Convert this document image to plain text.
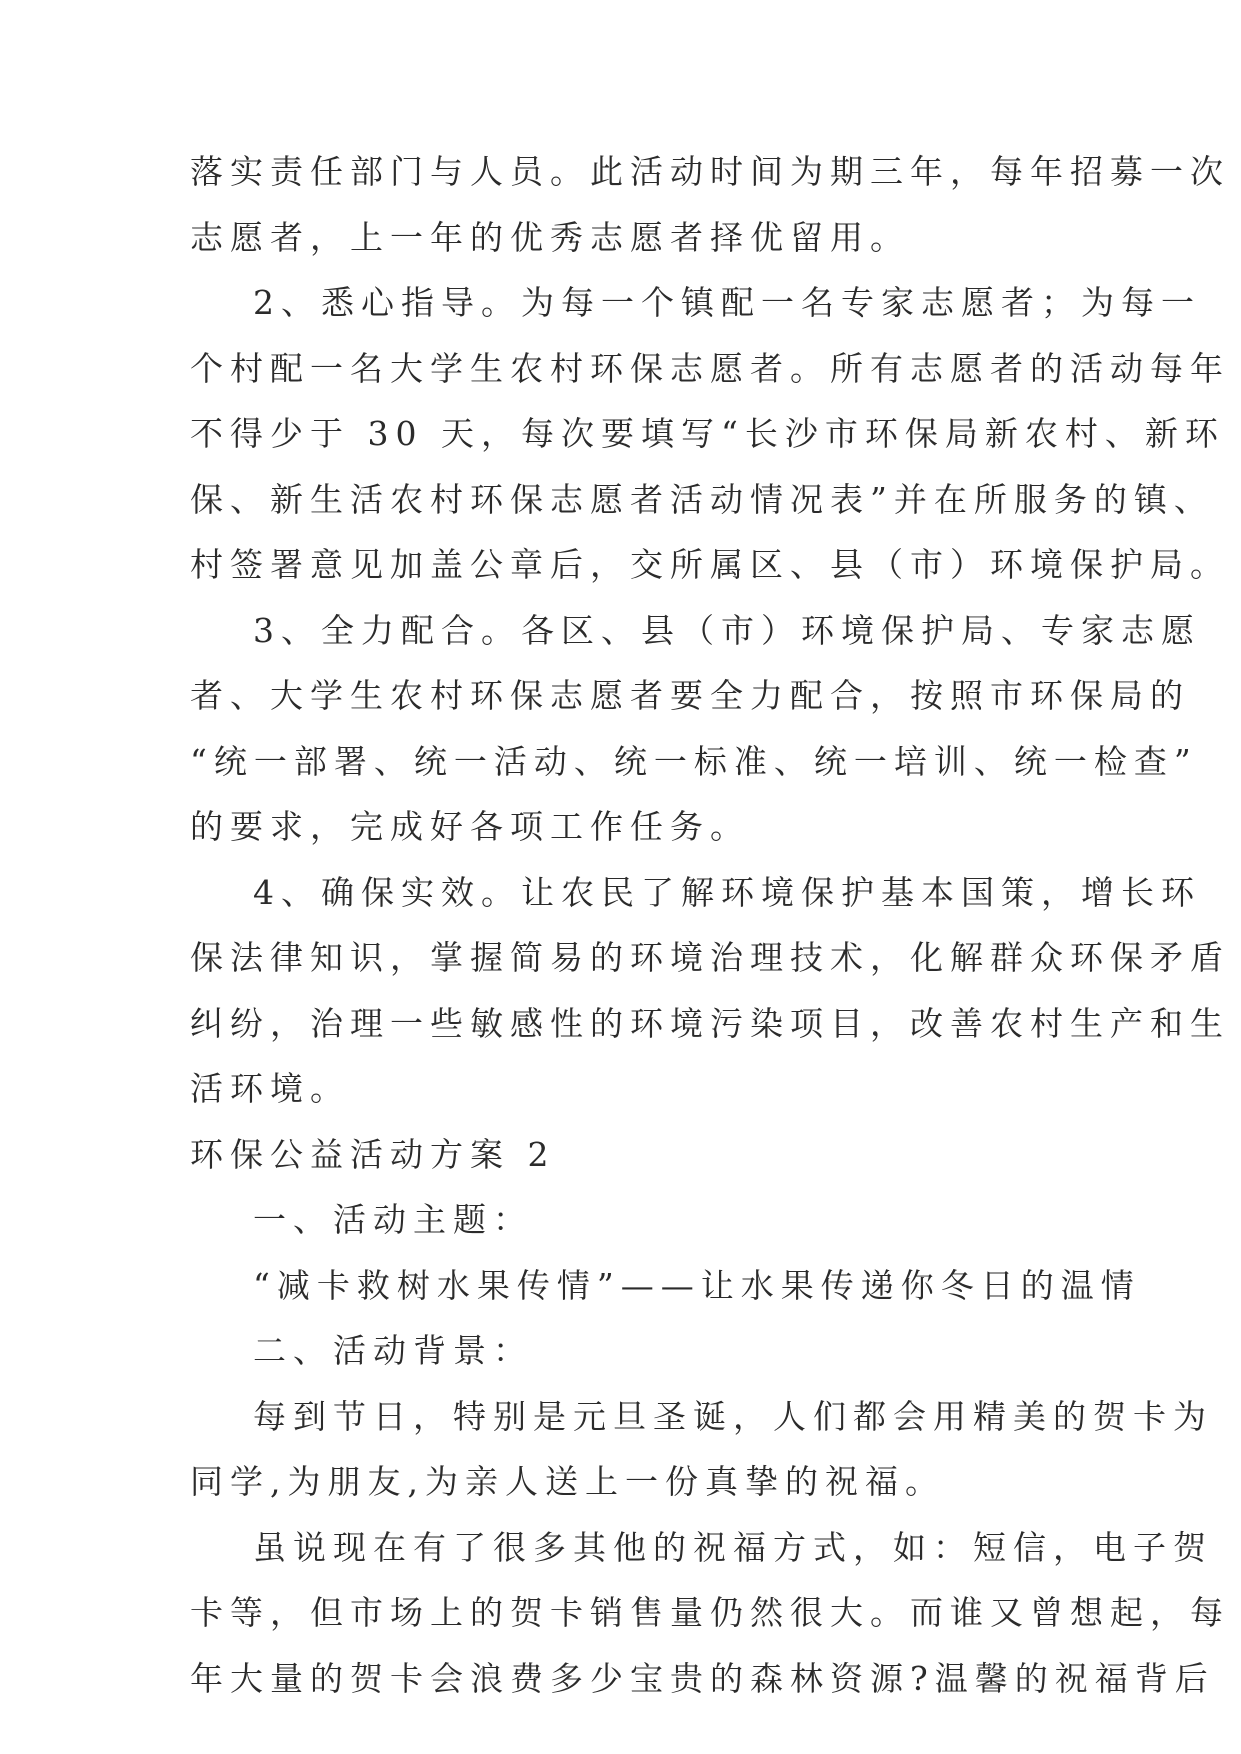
落实责任部门与人员。此活动时间为期三年，每年招募一次
志愿者，上一年的优秀志愿者择优留用。
2、悉心指导。为每一个镇配一名专家志愿者；为每一
个村配一名大学生农村环保志愿者。所有志愿者的活动每年
不得少于 30 天，每次要填写“长沙市环保局新农村、新环
保、新生活农村环保志愿者活动情况表”并在所服务的镇、
村签署意见加盖公章后，交所属区、县（市）环境保护局。
3、全力配合。各区、县（市）环境保护局、专家志愿
者、大学生农村环保志愿者要全力配合，按照市环保局的
“统一部署、统一活动、统一标准、统一培训、统一检查”
的要求，完成好各项工作任务。
4、确保实效。让农民了解环境保护基本国策，增长环
保法律知识，掌握简易的环境治理技术，化解群众环保矛盾
纠纷，治理一些敏感性的环境污染项目，改善农村生产和生
活环境。
环保公益活动方案 2
一、活动主题：
“减卡救树水果传情”——让水果传递你冬日的温情
二、活动背景：
每到节日，特别是元旦圣诞，人们都会用精美的贺卡为
同学,为朋友,为亲人送上一份真挚的祝福。
虽说现在有了很多其他的祝福方式，如：短信，电子贺
卡等，但市场上的贺卡销售量仍然很大。而谁又曾想起，每
年大量的贺卡会浪费多少宝贵的森林资源?温馨的祝福背后
